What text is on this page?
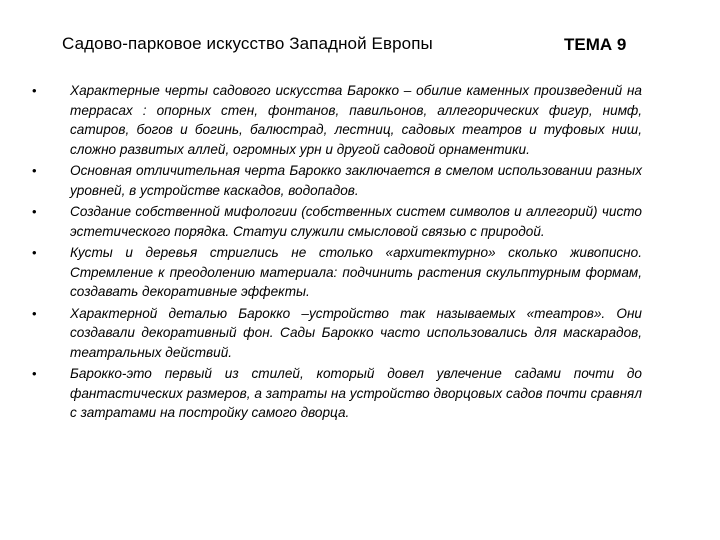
Садово-парковое искусство Западной Европы	ТЕМА 9
• Характерные черты садового искусства Барокко – обилие каменных произведений на террасах : опорных стен, фонтанов, павильонов, аллегорических фигур, нимф, сатиров, богов и богинь, балюстрад, лестниц, садовых театров и туфовых ниш, сложно развитых аллей, огромных урн и другой садовой орнаментики.
• Основная отличительная черта Барокко заключается в смелом использовании разных уровней, в устройстве каскадов, водопадов.
• Создание собственной мифологии (собственных систем символов и аллегорий) чисто эстетического порядка. Статуи служили смысловой связью с природой.
• Кусты и деревья стриглись не столько «архитектурно» сколько живописно. Стремление к преодолению материала: подчинить растения скульптурным формам, создавать декоративные эффекты.
• Характерной деталью Барокко –устройство так называемых «театров». Они создавали декоративный фон. Сады Барокко часто использовались для маскарадов, театральных действий.
• Барокко-это первый из стилей, который довел увлечение садами почти до фантастических размеров, а затраты на устройство дворцовых садов почти сравнял с затратами на постройку самого дворца.
